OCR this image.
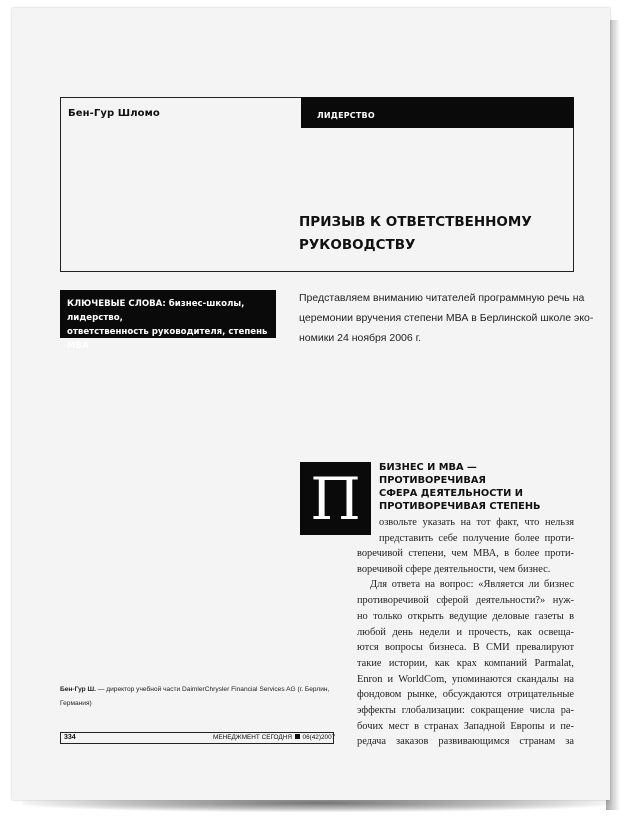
Бен-Гур Шломо	ЛИДЕРСТВО
ПРИЗЫВ К ОТВЕТСТВЕННОМУ
РУКОВОДСТВУ
КЛЮЧЕВЫЕ СЛОВА: бизнес-школы, лидерство,
ответственность руководителя, степень МВА
Представляем вниманию читателей программную речь на
церемонии вручения степени МВА в Берлинской школе эко-
номики 24 ноября 2006 г.
П	БИЗНЕС И МВА — ПРОТИВОРЕЧИВАЯ
СФЕРА ДЕЯТЕЛЬНОСТИ И
ПРОТИВОРЕЧИВАЯ СТЕПЕНЬ
озвольте указать на тот факт, что нельзя
представить себе получение более проти-
воречивой степени, чем МВА, в более проти-
воречивой сфере деятельности, чем бизнес.
Для ответа на вопрос: «Является ли бизнес
противоречивой сферой деятельности?» нуж-
но только открыть ведущие деловые газеты в
любой день недели и прочесть, как освеща-
ются вопросы бизнеса. В СМИ превалируют
такие истории, как крах компаний Parmalat,
Enron и WorldCom, упоминаются скандалы на
фондовом рынке, обсуждаются отрицательные
эффекты глобализации: сокращение числа ра-
бочих мест в странах Западной Европы и пе-
редача заказов развивающимся странам за
Бен-Гур Ш. — директор учебной части DaimlerChrysler Financial Services AG (г. Берлин,
Германия)
334	МЕНЕДЖМЕНТ СЕГОДНЯ 06(42)2007
